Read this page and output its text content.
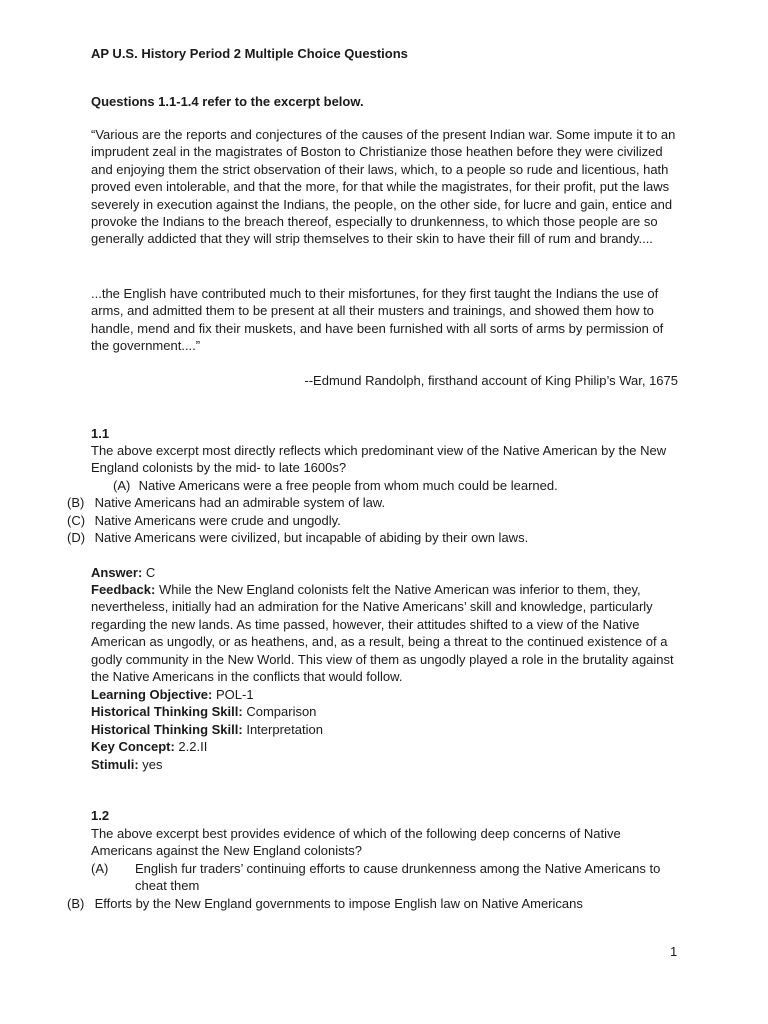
AP U.S. History Period 2 Multiple Choice Questions
Questions 1.1-1.4 refer to the excerpt below.

“Various are the reports and conjectures of the causes of the present Indian war. Some impute it to an imprudent zeal in the magistrates of Boston to Christianize those heathen before they were civilized and enjoying them the strict observation of their laws, which, to a people so rude and licentious, hath proved even intolerable, and that the more, for that while the magistrates, for their profit, put the laws severely in execution against the Indians, the people, on the other side, for lucre and gain, entice and provoke the Indians to the breach thereof, especially to drunkenness, to which those people are so generally addicted that they will strip themselves to their skin to have their fill of rum and brandy....

...the English have contributed much to their misfortunes, for they first taught the Indians the use of arms, and admitted them to be present at all their musters and trainings, and showed them how to handle, mend and fix their muskets, and have been furnished with all sorts of arms by permission of the government....”

--Edmund Randolph, firsthand account of King Philip’s War, 1675
1.1
The above excerpt most directly reflects which predominant view of the Native American by the New England colonists by the mid- to late 1600s?
(A) Native Americans were a free people from whom much could be learned.
(B) Native Americans had an admirable system of law.
(C) Native Americans were crude and ungodly.
(D) Native Americans were civilized, but incapable of abiding by their own laws.
Answer: C
Feedback: While the New England colonists felt the Native American was inferior to them, they, nevertheless, initially had an admiration for the Native Americans’ skill and knowledge, particularly regarding the new lands. As time passed, however, their attitudes shifted to a view of the Native American as ungodly, or as heathens, and, as a result, being a threat to the continued existence of a godly community in the New World. This view of them as ungodly played a role in the brutality against the Native Americans in the conflicts that would follow.
Learning Objective: POL-1
Historical Thinking Skill: Comparison
Historical Thinking Skill: Interpretation
Key Concept: 2.2.II
Stimuli: yes
1.2
The above excerpt best provides evidence of which of the following deep concerns of Native Americans against the New England colonists?
(A) English fur traders’ continuing efforts to cause drunkenness among the Native Americans to cheat them
(B) Efforts by the New England governments to impose English law on Native Americans
1
